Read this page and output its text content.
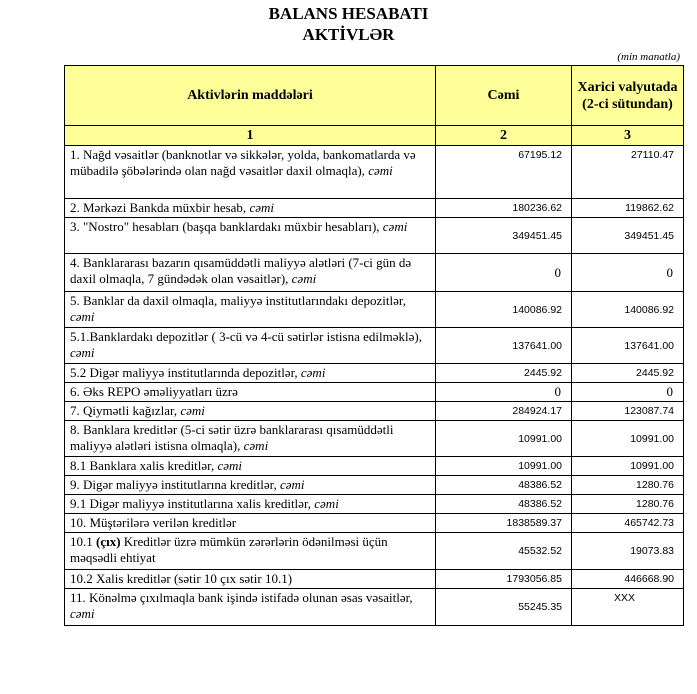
BALANS HESABATI
AKTİVLƏR
(min manatla)
Aktivlərin maddələri	Cəmi	Xarici valyutada (2-ci sütundan)
1	2	3
1. Nağd vəsaitlər (banknotlar və sikkələr, yolda, bankomatlarda və mübadilə şöbələrində olan nağd vəsaitlər daxil olmaqla), cəmi	67195.12	27110.47
2. Mərkəzi Bankda müxbir hesab, cəmi	180236.62	119862.62
3. "Nostro" hesabları (başqa banklardakı müxbir hesabları), cəmi	349451.45	349451.45
4. Banklararası bazarın qısamüddətli maliyyə alətləri (7-ci gün də daxil olmaqla, 7 gündədək olan vəsaitlər), cəmi	0	0
5. Banklar da daxil olmaqla, maliyyə institutlarındakı depozitlər, cəmi	140086.92	140086.92
5.1.Banklardakı depozitlər ( 3-cü və 4-cü sətirlər istisna edilməklə), cəmi	137641.00	137641.00
5.2 Digər maliyyə institutlarında depozitlər, cəmi	2445.92	2445.92
6. Əks REPO əməliyyatları üzrə	0	0
7. Qiymətli kağızlar, cəmi	284924.17	123087.74
8. Banklara kreditlər (5-ci sətir üzrə banklararası qısamüddətli maliyyə alətləri istisna olmaqla), cəmi	10991.00	10991.00
8.1 Banklara xalis kreditlər, cəmi	10991.00	10991.00
9. Digər maliyyə institutlarına kreditlər, cəmi	48386.52	1280.76
9.1 Digər maliyyə institutlarına xalis kreditlər, cəmi	48386.52	1280.76
10. Müştərilərə verilən kreditlər	1838589.37	465742.73
10.1 (çıx) Kreditlər üzrə mümkün zərərlərin ödənilməsi üçün məqsədli ehtiyat	45532.52	19073.83
10.2 Xalis kreditlər (sətir 10 çıx sətir 10.1)	1793056.85	446668.90
11. Könəlmə çıxılmaqla bank işində istifadə olunan əsas vəsaitlər, cəmi	55245.35	XXX
